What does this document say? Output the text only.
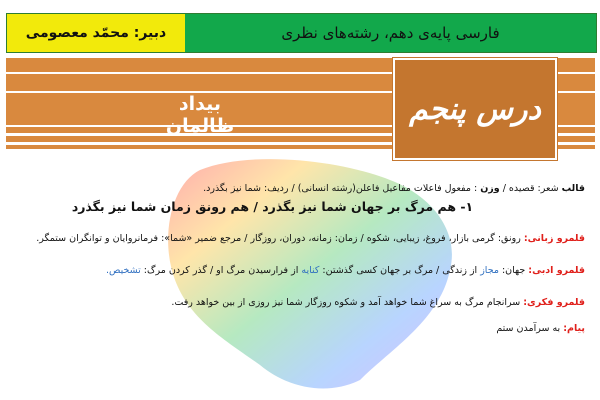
فارسی پایه‌ی دهم، رشته‌های نظری
دبیر: محمّد معصومی
بیداد ظالمان	درس پنجم

قالب شعر: قصیده / وزن : مفعول فاعلات مفاعیل فاعلن(رشته انسانی) / ردیف: شما نیز بگذرد.

۱- هم مرگ بر جهان شما نیز بگذرد / هم رونق زمان شما نیز بگذرد

قلمرو زبانی: رونق: گرمی بازار، فروغ، زیبایی، شکوه / زمان: زمانه، دوران، روزگار / مرجع ضمیر «شما»: فرمانروایان و توانگران ستمگر.

قلمرو ادبی: جهان: مجاز از زندگی / مرگ بر جهان کسی گذشتن: کنایه از فرارسیدن مرگ او / گذر کردن مرگ: تشخیص.

قلمرو فکری: سرانجام مرگ به سراغ شما خواهد آمد و شکوه روزگار شما نیز روزی از بین خواهد رفت.

پیام: به سرآمدن ستم
